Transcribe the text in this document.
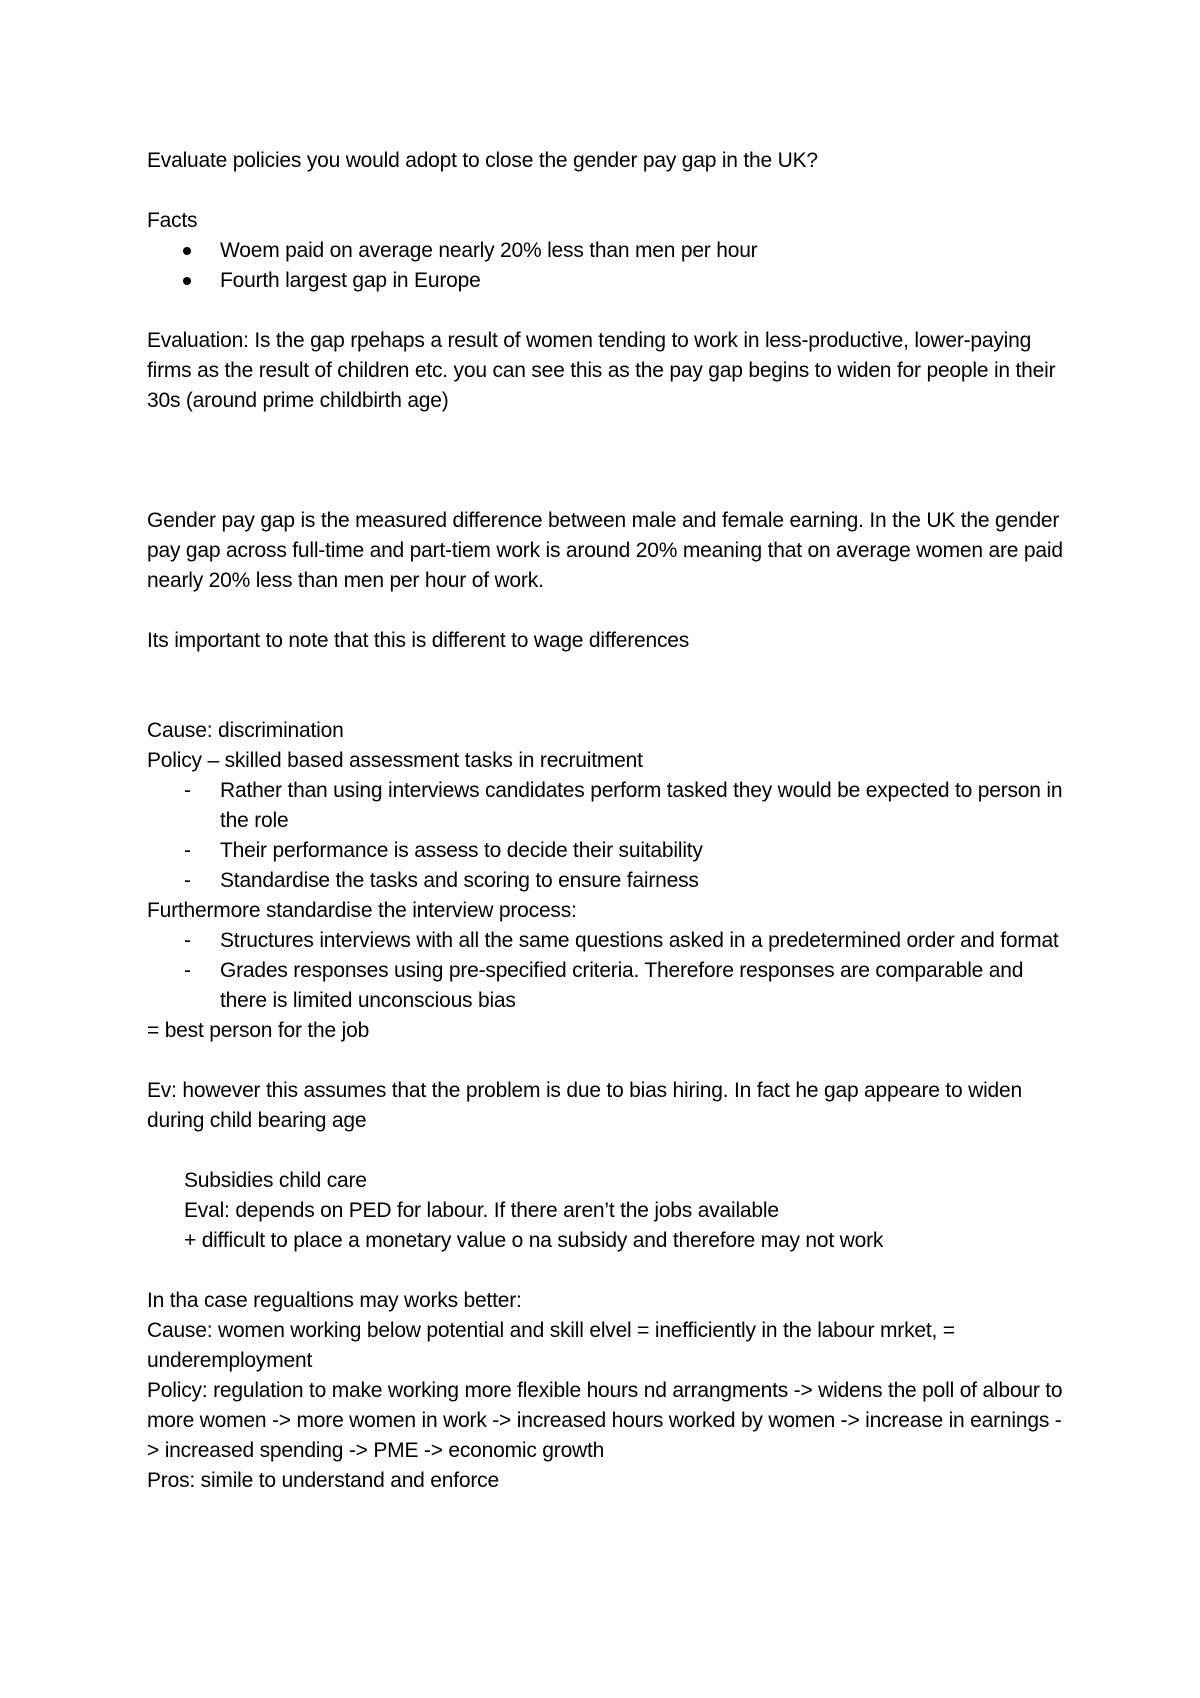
Evaluate policies you would adopt to close the gender pay gap in the UK?

Facts

Woem paid on average nearly 20% less than men per hour
Fourth largest gap in Europe

Evaluation: Is the gap rpehaps a result of women tending to work in less-productive, lower-paying firms as the result of children etc. you can see this as the pay gap begins to widen for people in their 30s (around prime childbirth age)

Gender pay gap is the measured difference between male and female earning. In the UK the gender pay gap across full-time and part-tiem work is around 20% meaning that on average women are paid nearly 20% less than men per hour of work.

Its important to note that this is different to wage differences

Cause: discrimination

Policy – skilled based assessment tasks in recruitment

- Rather than using interviews candidates perform tasked they would be expected to person in the role
- Their performance is assess to decide their suitability
- Standardise the tasks and scoring to ensure fairness

Furthermore standardise the interview process:

- Structures interviews with all the same questions asked in a predetermined order and format
- Grades responses using pre-specified criteria. Therefore responses are comparable and there is limited unconscious bias

= best person for the job

Ev: however this assumes that the problem is due to bias hiring. In fact he gap appeare to widen during child bearing age

Subsidies child care

Eval: depends on PED for labour. If there aren’t the jobs available

+ difficult to place a monetary value o na subsidy and therefore may not work

In tha case regualtions may works better:

Cause: women working below potential and skill elvel = inefficiently in the labour mrket, = underemployment

Policy: regulation to make working more flexible hours nd arrangments -> widens the poll of albour to more women -> more women in work -> increased hours worked by women -> increase in earnings -> increased spending -> PME -> economic growth

Pros: simile to understand and enforce
